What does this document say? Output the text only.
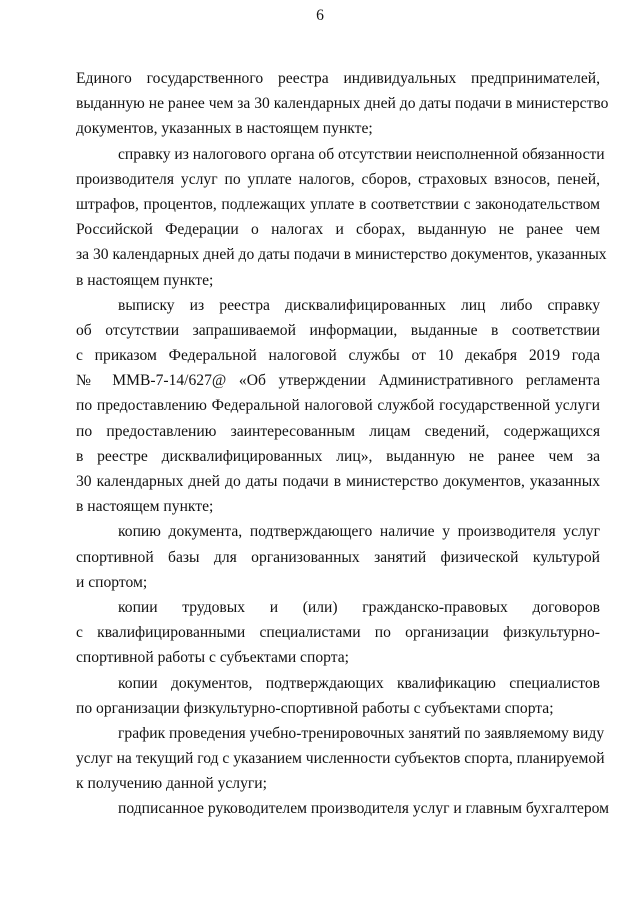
6
Единого государственного реестра индивидуальных предпринимателей,
выданную не ранее чем за 30 календарных дней до даты подачи в министерство
документов, указанных в настоящем пункте;
справку из налогового органа об отсутствии неисполненной обязанности
производителя услуг по уплате налогов, сборов, страховых взносов, пеней,
штрафов, процентов, подлежащих уплате в соответствии с законодательством
Российской Федерации о налогах и сборах, выданную не ранее чем
за 30 календарных дней до даты подачи в министерство документов, указанных
в настоящем пункте;
выписку из реестра дисквалифицированных лиц либо справку
об отсутствии запрашиваемой информации, выданные в соответствии
с приказом Федеральной налоговой службы от 10 декабря 2019 года
№ ММВ-7-14/627@ «Об утверждении Административного регламента
по предоставлению Федеральной налоговой службой государственной услуги
по предоставлению заинтересованным лицам сведений, содержащихся
в реестре дисквалифицированных лиц», выданную не ранее чем за
30 календарных дней до даты подачи в министерство документов, указанных
в настоящем пункте;
копию документа, подтверждающего наличие у производителя услуг
спортивной базы для организованных занятий физической культурой
и спортом;
копии трудовых и (или) гражданско-правовых договоров
с квалифицированными специалистами по организации физкультурно-
спортивной работы с субъектами спорта;
копии документов, подтверждающих квалификацию специалистов
по организации физкультурно-спортивной работы с субъектами спорта;
график проведения учебно-тренировочных занятий по заявляемому виду
услуг на текущий год с указанием численности субъектов спорта, планируемой
к получению данной услуги;
подписанное руководителем производителя услуг и главным бухгалтером
